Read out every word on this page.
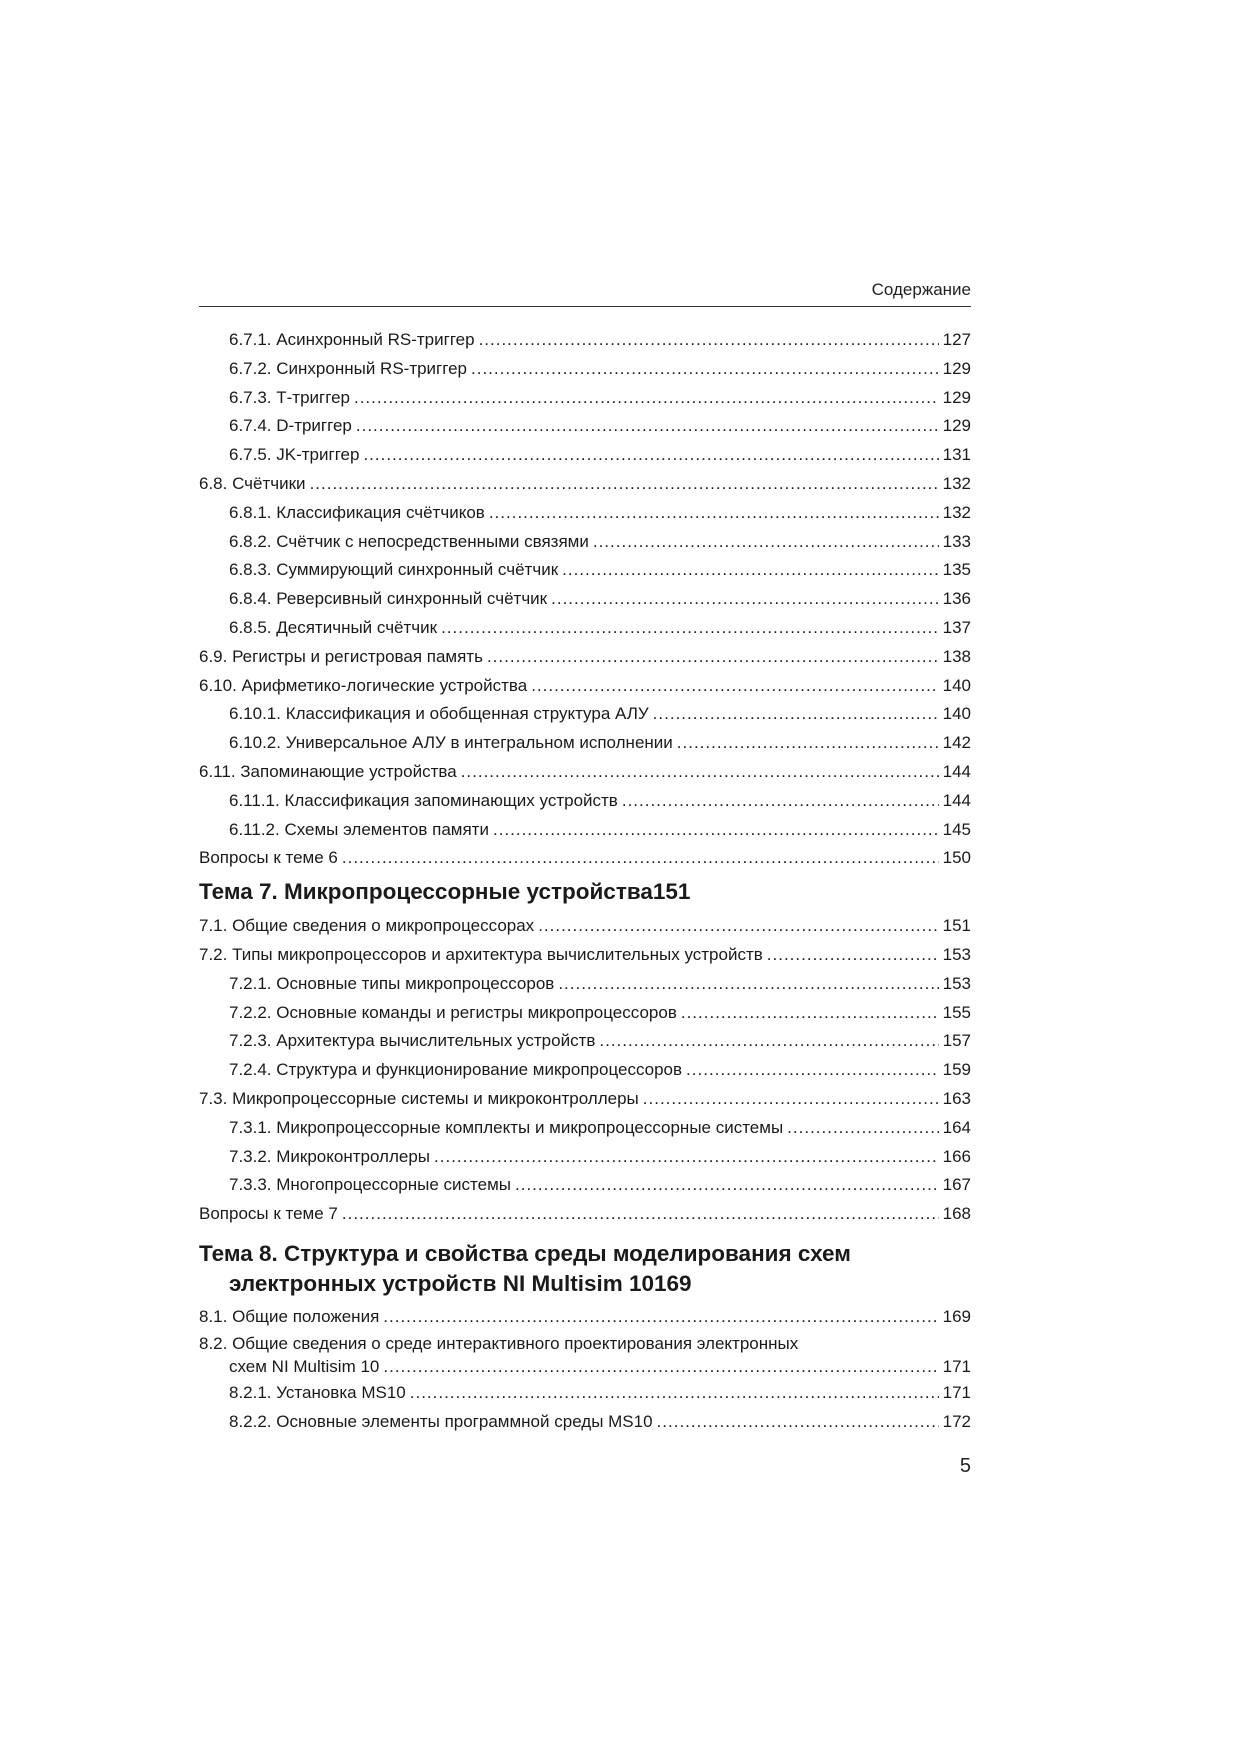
Содержание
6.7.1. Асинхронный RS-триггер .....	127
6.7.2. Синхронный RS-триггер .....	129
6.7.3. Т-триггер .....	129
6.7.4. D-триггер .....	129
6.7.5. JK-триггер .....	131
6.8. Счётчики .....	132
6.8.1. Классификация счётчиков .....	132
6.8.2. Счётчик с непосредственными связями .....	133
6.8.3. Суммирующий синхронный счётчик .....	135
6.8.4. Реверсивный синхронный счётчик .....	136
6.8.5. Десятичный счётчик .....	137
6.9. Регистры и регистровая память .....	138
6.10. Арифметико-логические устройства .....	140
6.10.1. Классификация и обобщенная структура АЛУ .....	140
6.10.2. Универсальное АЛУ в интегральном исполнении .....	142
6.11. Запоминающие устройства .....	144
6.11.1. Классификация запоминающих устройств .....	144
6.11.2. Схемы элементов памяти .....	145
Вопросы к теме 6 .....	150
Тема 7. Микропроцессорные устройства 151
7.1. Общие сведения о микропроцессорах .....	151
7.2. Типы микропроцессоров и архитектура вычислительных устройств .....	153
7.2.1. Основные типы микропроцессоров .....	153
7.2.2. Основные команды и регистры микропроцессоров .....	155
7.2.3. Архитектура вычислительных устройств .....	157
7.2.4. Структура и функционирование микропроцессоров .....	159
7.3. Микропроцессорные системы и микроконтроллеры .....	163
7.3.1. Микропроцессорные комплекты и микропроцессорные системы .....	164
7.3.2. Микроконтроллеры .....	166
7.3.3. Многопроцессорные системы .....	167
Вопросы к теме 7 .....	168
Тема 8. Структура и свойства среды моделирования схем
электронных устройств NI Multisim 10 169
8.1. Общие положения .....	169
8.2. Общие сведения о среде интерактивного проектирования электронных
схем NI Multisim 10 .....	171
8.2.1. Установка MS10 .....	171
8.2.2. Основные элементы программной среды MS10 .....	172
5
